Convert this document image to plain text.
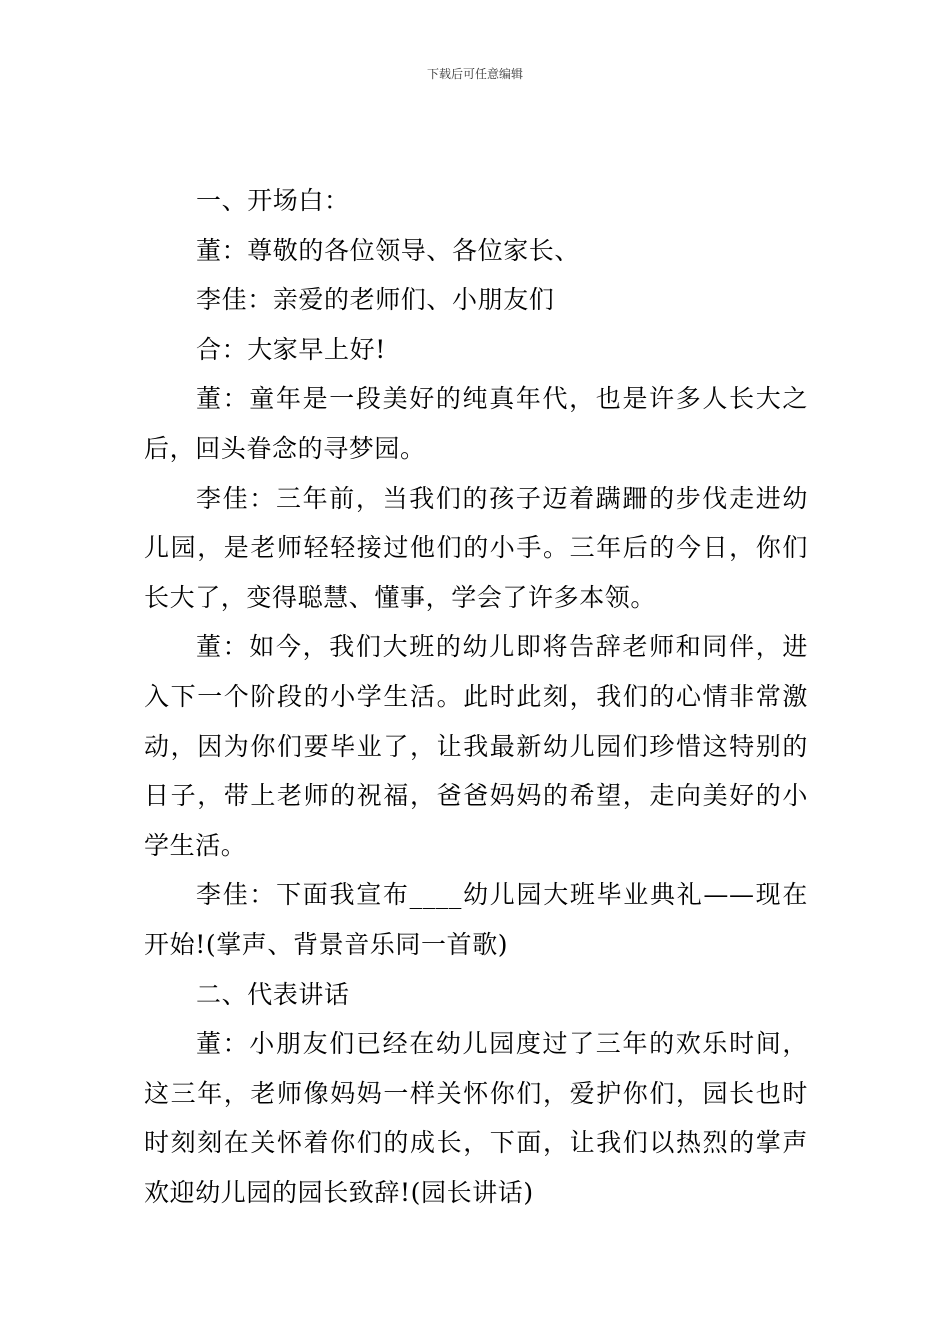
下载后可任意编辑

一、开场白：

董：尊敬的各位领导、各位家长、

李佳：亲爱的老师们、小朋友们

合：大家早上好!

董：童年是一段美好的纯真年代，也是许多人长大之后，回头眷念的寻梦园。

李佳：三年前，当我们的孩子迈着蹒跚的步伐走进幼儿园，是老师轻轻接过他们的小手。三年后的今日，你们长大了，变得聪慧、懂事，学会了许多本领。

董：如今，我们大班的幼儿即将告辞老师和同伴，进入下一个阶段的小学生活。此时此刻，我们的心情非常激动，因为你们要毕业了，让我最新幼儿园们珍惜这特别的日子，带上老师的祝福，爸爸妈妈的希望，走向美好的小学生活。

李佳：下面我宣布____幼儿园大班毕业典礼——现在开始!(掌声、背景音乐同一首歌)

二、代表讲话

董：小朋友们已经在幼儿园度过了三年的欢乐时间，这三年，老师像妈妈一样关怀你们，爱护你们，园长也时时刻刻在关怀着你们的成长，下面，让我们以热烈的掌声欢迎幼儿园的园长致辞!(园长讲话)
